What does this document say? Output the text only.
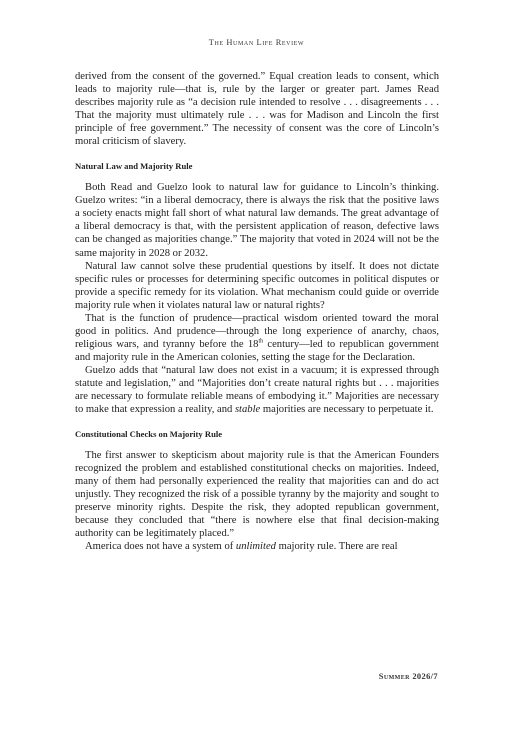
The Human Life Review

derived from the consent of the governed.” Equal creation leads to consent, which leads to majority rule—that is, rule by the larger or greater part. James Read describes majority rule as “a decision rule intended to resolve . . . disagreements . . . That the majority must ultimately rule . . . was for Madison and Lincoln the first principle of free government.” The necessity of consent was the core of Lincoln’s moral criticism of slavery.

Natural Law and Majority Rule

Both Read and Guelzo look to natural law for guidance to Lincoln’s thinking. Guelzo writes: “in a liberal democracy, there is always the risk that the positive laws a society enacts might fall short of what natural law demands. The great advantage of a liberal democracy is that, with the persistent application of reason, defective laws can be changed as majorities change.” The majority that voted in 2024 will not be the same majority in 2028 or 2032.

Natural law cannot solve these prudential questions by itself. It does not dictate specific rules or processes for determining specific outcomes in political disputes or provide a specific remedy for its violation. What mechanism could guide or override majority rule when it violates natural law or natural rights?

That is the function of prudence—practical wisdom oriented toward the moral good in politics. And prudence—through the long experience of anarchy, chaos, religious wars, and tyranny before the 18th century—led to republican government and majority rule in the American colonies, setting the stage for the Declaration.

Guelzo adds that “natural law does not exist in a vacuum; it is expressed through statute and legislation,” and “Majorities don’t create natural rights but . . . majorities are necessary to formulate reliable means of embodying it.” Majorities are necessary to make that expression a reality, and stable majorities are necessary to perpetuate it.

Constitutional Checks on Majority Rule

The first answer to skepticism about majority rule is that the American Founders recognized the problem and established constitutional checks on majorities. Indeed, many of them had personally experienced the reality that majorities can and do act unjustly. They recognized the risk of a possible tyranny by the majority and sought to preserve minority rights. Despite the risk, they adopted republican government, because they concluded that “there is nowhere else that final decision-making authority can be legitimately placed.”

America does not have a system of unlimited majority rule. There are real

Summer 2026/7
